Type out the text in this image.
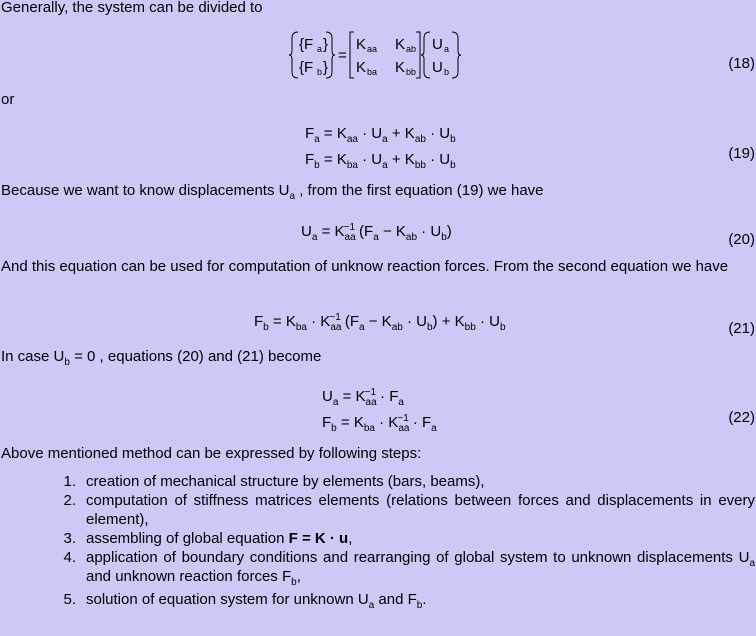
Generally, the system can be divided to
{F a }
{F b }
=
K aa K ab
K ba K bb
U a
U b	(18)
or
$F_a = K_{aa} \cdot U_a + K_{ab} \cdot U_b$
$F_b = K_{ba} \cdot U_a + K_{bb} \cdot U_b$
(19)
Because we want to know displacements $U_a$ , from the first equation (19) we have
$U_a = K_{aa}^{-1}$ $(F_a - K_{ab} \cdot U_b)$	(20)
And this equation can be used for computation of unknow reaction forces. From the second equation we have
$F_b = K_{ba} \cdot K_{aa}^{-1}$ $(F_a - K_{ab} \cdot U_b) + K_{bb} \cdot U_b$	(21)
In case $U_b = 0$ , equations (20) and (21) become
$U_a = K_{aa}^{-1} \cdot F_a$
$F_b = K_{ba} \cdot K_{aa}^{-1} \cdot F_a$
(22)
Above mentioned method can be expressed by following steps:
1. creation of mechanical structure by elements (bars, beams),
2. computation of stiffness matrices elements (relations between forces and displacements in every element),
3. assembling of global equation F = K · u,
4. application of boundary conditions and rearranging of global system to unknown displacements $U_a$ and unknown reaction forces $F_b$,
5. solution of equation system for unknown $U_a$ and $F_b$.
